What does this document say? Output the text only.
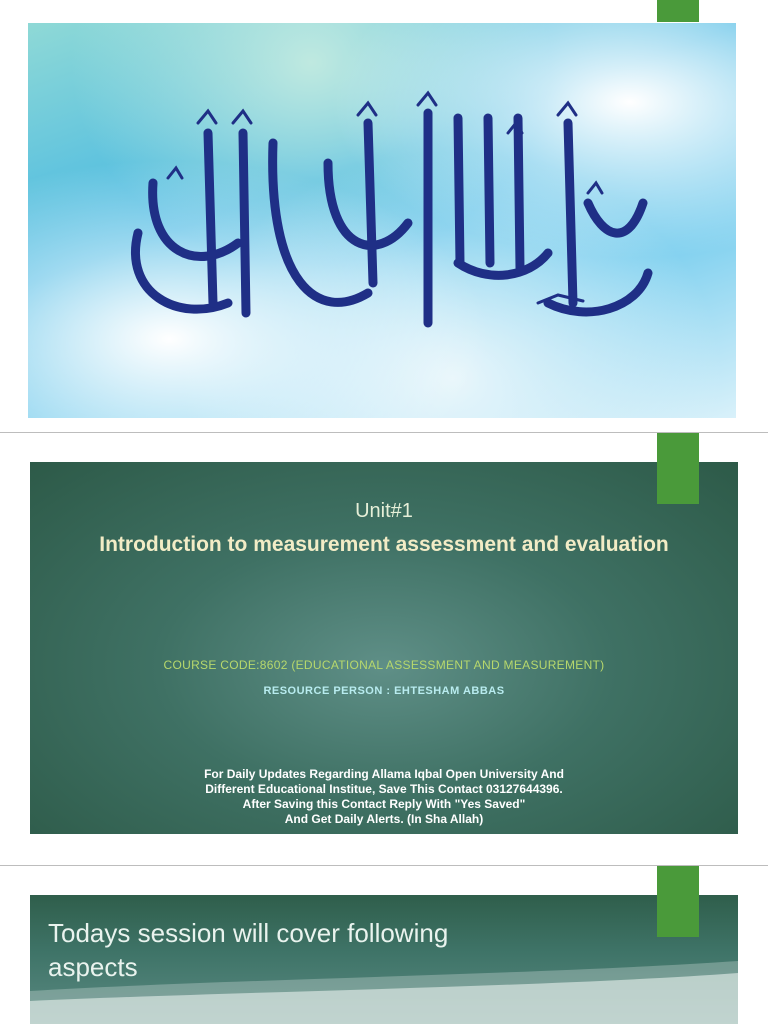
Unit#1
Introduction to measurement assessment and evaluation
COURSE CODE:8602 (EDUCATIONAL ASSESSMENT AND MEASUREMENT)
RESOURCE PERSON : EHTESHAM ABBAS
For Daily Updates Regarding Allama Iqbal Open University And
Different Educational Institue, Save This Contact 03127644396.
After Saving this Contact Reply With "Yes Saved"
And Get Daily Alerts. (In Sha Allah)
Todays session will cover following
aspects
